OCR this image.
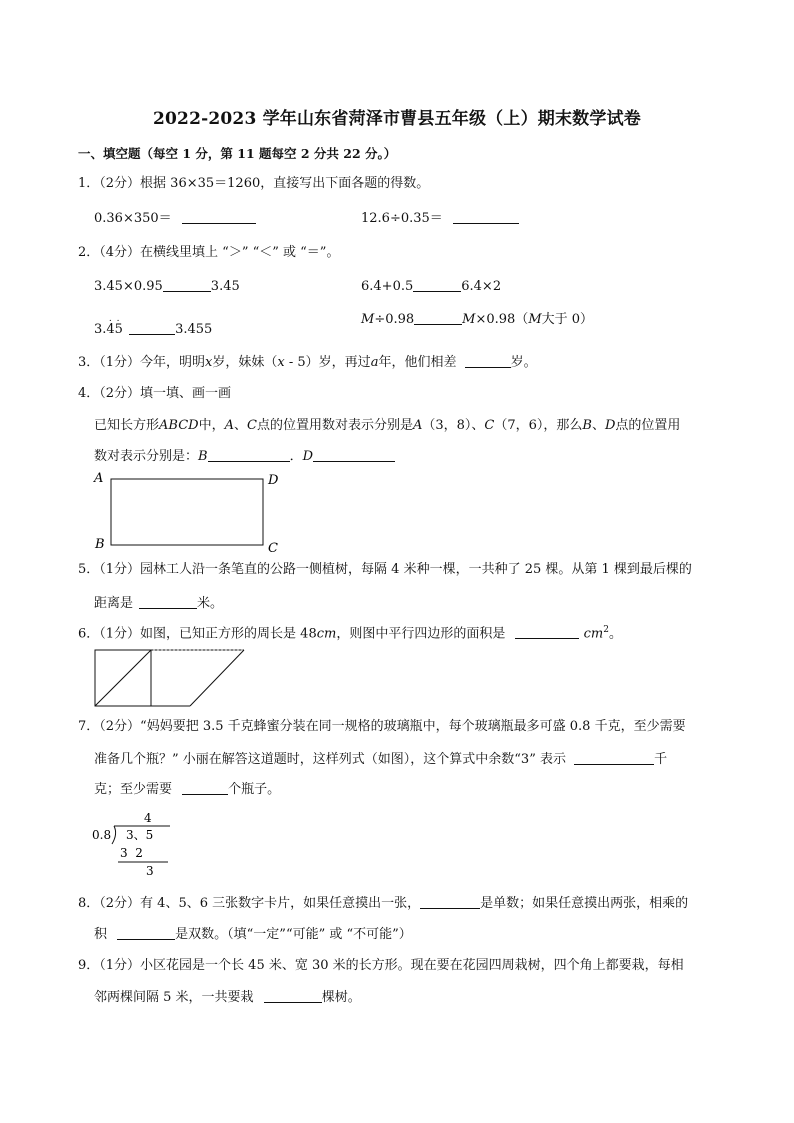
2022-2023 学年山东省菏泽市曹县五年级（上）期末数学试卷
一、填空题（每空 1 分，第 11 题每空 2 分共 22 分。）
1．（2分）根据 36×35＝1260，直接写出下面各题的得数。
0.36×350＝	12.6÷0.35＝
2．（4分）在横线里填上 “＞” “＜” 或 “＝”。
3.45×0.95	3.45	6.4+0.5	6.4×2
3.
. .
45	3.455
M÷0.98	M×0.98（M大于 0）
3．（1分）今年，明明x岁，妹妹（x - 5）岁，再过a年，他们相差	岁。
4．（2分）填一填、画一画
已知长方形ABCD中，A、C点的位置用数对表示分别是A（3，8）、C（7，6），那么B、D点的位置用
数对表示分别是：B	．D
A
B	C
D
5．（1分）园林工人沿一条笔直的公路一侧植树，每隔 4 米种一棵，一共种了 25 棵。从第 1 棵到最后棵的
距离是	米。
6．（1分）如图，已知正方形的周长是 48cm，则图中平行四边形的面积是	$cm^2$。
7．（2分）“妈妈要把 3.5 千克蜂蜜分装在同一规格的玻璃瓶中，每个玻璃瓶最多可盛 0.8 千克，至少需要
准备几个瓶？” 小丽在解答这道题时，这样列式（如图），这个算式中余数“3” 表示	千
克；至少需要	个瓶子。
4
0.8 3、5
3  2
3
8．（2分）有 4、5、6 三张数字卡片，如果任意摸出一张，	是单数；如果任意摸出两张，相乘的
积	是双数。（填“一定”“可能” 或 “不可能”）
9．（1分）小区花园是一个长 45 米、宽 30 米的长方形。现在要在花园四周栽树，四个角上都要栽，每相
邻两棵间隔 5 米，一共要栽	棵树。
